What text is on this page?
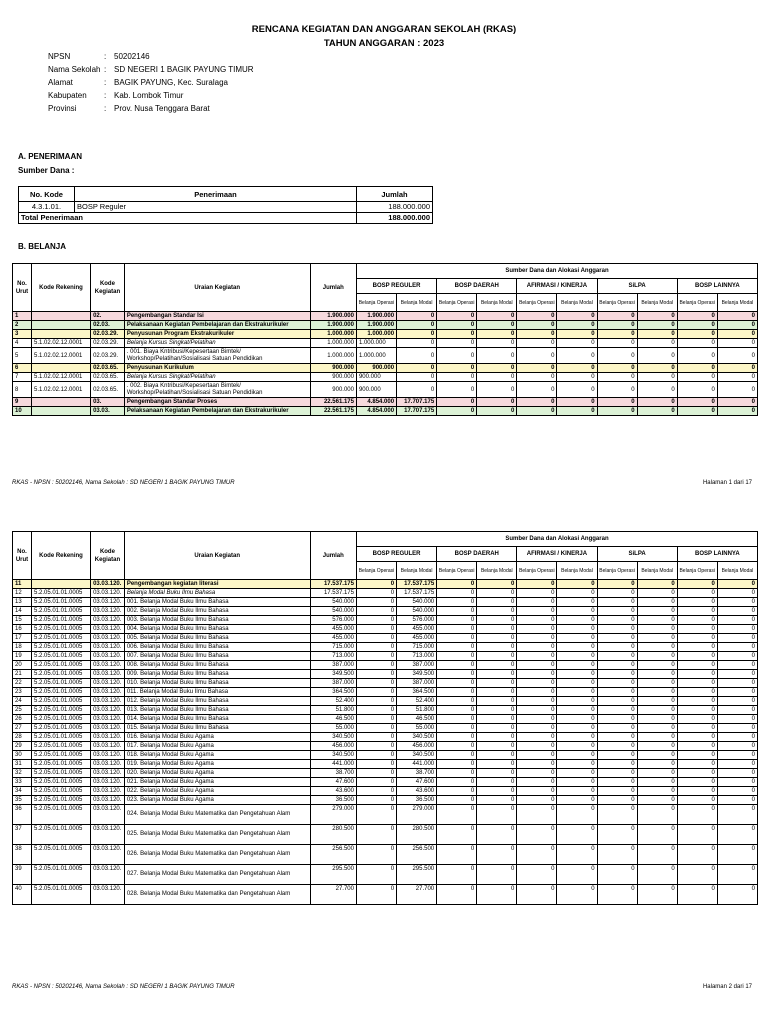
RENCANA KEGIATAN DAN ANGGARAN SEKOLAH (RKAS)
TAHUN ANGGARAN : 2023
NPSN	: 50202146
Nama Sekolah : SD NEGERI 1 BAGIK PAYUNG TIMUR
Alamat	: BAGIK PAYUNG, Kec. Suralaga
Kabupaten	: Kab. Lombok Timur
Provinsi	: Prov. Nusa Tenggara Barat
A. PENERIMAAN
Sumber Dana :
No. Kode	Penerimaan	Jumlah
4.3.1.01.	BOSP Reguler	188.000.000
Total Penerimaan		188.000.000
B. BELANJA
No. Urut	Kode Rekening	Kode Kegiatan	Uraian Kegiatan	Jumlah	Sumber Dana dan Alokasi Anggaran									
					BOSP REGULER		BOSP DAERAH		AFIRMASI / KINERJA		SiLPA		BOSP LAINNYA	
					Belanja Operasi	Belanja Modal	Belanja Operasi	Belanja Modal	Belanja Operasi	Belanja Modal	Belanja Operasi	Belanja Modal	Belanja Operasi	Belanja Modal
1		02.	Pengembangan Standar Isi	1.900.000	1.900.000	0	0	0	0	0	0	0	0	0
2		02.03.	Pelaksanaan Kegiatan Pembelajaran dan Ekstrakurikuler	1.900.000	1.900.000	0	0	0	0	0	0	0	0	0
3		02.03.29.	Penyusunan Program Ekstrakurikuler	1.000.000	1.000.000	0	0	0	0	0	0	0	0	0
4	5.1.02.02.12.0001	02.03.29.	Belanja Kursus Singkat/Pelatihan	1.000.000	1.000.000	0	0	0	0	0	0	0	0	0
5	5.1.02.02.12.0001	02.03.29.	. 001. Biaya Kntribusi/Kepesertaan Bimtek/ Workshop/Pelatihan/Sosialisasi Satuan Pendidikan	1.000.000	1.000.000	0	0	0	0	0	0	0	0	0
6		02.03.65.	Penyusunan Kurikulum	900.000	900.000	0	0	0	0	0	0	0	0	0
7	5.1.02.02.12.0001	02.03.65.	Belanja Kursus Singkat/Pelatihan	900.000	900.000	0	0	0	0	0	0	0	0	0
8	5.1.02.02.12.0001	02.03.65.	. 002. Biaya Kntribusi/Kepesertaan Bimtek/ Workshop/Pelatihan/Sosialisasi Satuan Pendidikan	900.000	900.000	0	0	0	0	0	0	0	0	0
9		03.	Pengembangan Standar Proses	22.561.175	4.854.000	17.707.175	0	0	0	0	0	0	0	0
10		03.03.	Pelaksanaan Kegiatan Pembelajaran dan Ekstrakurikuler	22.561.175	4.854.000	17.707.175	0	0	0	0	0	0	0	0
RKAS - NPSN : 50202146, Nama Sekolah : SD NEGERI 1 BAGIK PAYUNG TIMUR	Halaman 1 dari 17
No. Urut	Kode Rekening	Kode Kegiatan	Uraian Kegiatan	Jumlah	Sumber Dana dan Alokasi Anggaran									
					BOSP REGULER		BOSP DAERAH		AFIRMASI / KINERJA		SiLPA		BOSP LAINNYA	
					Belanja Operasi	Belanja Modal	Belanja Operasi	Belanja Modal	Belanja Operasi	Belanja Modal	Belanja Operasi	Belanja Modal	Belanja Operasi	Belanja Modal
11		03.03.120.	Pengembangan kegiatan literasi	17.537.175	0	17.537.175	0	0	0	0	0	0	0	0
12	5.2.05.01.01.0005	03.03.120.	Belanja Modal Buku Ilmu Bahasa	17.537.175	0	17.537.175	0	0	0	0	0	0	0	0
13	5.2.05.01.01.0005	03.03.120.	001. Belanja Modal Buku Ilmu Bahasa	540.000	0	540.000	0	0	0	0	0	0	0	0
14	5.2.05.01.01.0005	03.03.120.	002. Belanja Modal Buku Ilmu Bahasa	540.000	0	540.000	0	0	0	0	0	0	0	0
15	5.2.05.01.01.0005	03.03.120.	003. Belanja Modal Buku Ilmu Bahasa	576.000	0	576.000	0	0	0	0	0	0	0	0
16	5.2.05.01.01.0005	03.03.120.	004. Belanja Modal Buku Ilmu Bahasa	455.000	0	455.000	0	0	0	0	0	0	0	0
17	5.2.05.01.01.0005	03.03.120.	005. Belanja Modal Buku Ilmu Bahasa	455.000	0	455.000	0	0	0	0	0	0	0	0
18	5.2.05.01.01.0005	03.03.120.	006. Belanja Modal Buku Ilmu Bahasa	715.000	0	715.000	0	0	0	0	0	0	0	0
19	5.2.05.01.01.0005	03.03.120.	007. Belanja Modal Buku Ilmu Bahasa	713.000	0	713.000	0	0	0	0	0	0	0	0
20	5.2.05.01.01.0005	03.03.120.	008. Belanja Modal Buku Ilmu Bahasa	387.000	0	387.000	0	0	0	0	0	0	0	0
21	5.2.05.01.01.0005	03.03.120.	009. Belanja Modal Buku Ilmu Bahasa	349.500	0	349.500	0	0	0	0	0	0	0	0
22	5.2.05.01.01.0005	03.03.120.	010. Belanja Modal Buku Ilmu Bahasa	387.000	0	387.000	0	0	0	0	0	0	0	0
23	5.2.05.01.01.0005	03.03.120.	011. Belanja Modal Buku Ilmu Bahasa	364.500	0	364.500	0	0	0	0	0	0	0	0
24	5.2.05.01.01.0005	03.03.120.	012. Belanja Modal Buku Ilmu Bahasa	52.400	0	52.400	0	0	0	0	0	0	0	0
25	5.2.05.01.01.0005	03.03.120.	013. Belanja Modal Buku Ilmu Bahasa	51.800	0	51.800	0	0	0	0	0	0	0	0
26	5.2.05.01.01.0005	03.03.120.	014. Belanja Modal Buku Ilmu Bahasa	46.500	0	46.500	0	0	0	0	0	0	0	0
27	5.2.05.01.01.0005	03.03.120.	015. Belanja Modal Buku Ilmu Bahasa	55.000	0	55.000	0	0	0	0	0	0	0	0
28	5.2.05.01.01.0005	03.03.120.	016. Belanja Modal Buku Agama	340.500	0	340.500	0	0	0	0	0	0	0	0
29	5.2.05.01.01.0005	03.03.120.	017. Belanja Modal Buku Agama	456.000	0	456.000	0	0	0	0	0	0	0	0
30	5.2.05.01.01.0005	03.03.120.	018. Belanja Modal Buku Agama	340.500	0	340.500	0	0	0	0	0	0	0	0
31	5.2.05.01.01.0005	03.03.120.	019. Belanja Modal Buku Agama	441.000	0	441.000	0	0	0	0	0	0	0	0
32	5.2.05.01.01.0005	03.03.120.	020. Belanja Modal Buku Agama	38.700	0	38.700	0	0	0	0	0	0	0	0
33	5.2.05.01.01.0005	03.03.120.	021. Belanja Modal Buku Agama	47.600	0	47.600	0	0	0	0	0	0	0	0
34	5.2.05.01.01.0005	03.03.120.	022. Belanja Modal Buku Agama	43.600	0	43.600	0	0	0	0	0	0	0	0
35	5.2.05.01.01.0005	03.03.120.	023. Belanja Modal Buku Agama	36.500	0	36.500	0	0	0	0	0	0	0	0
36	5.2.05.01.01.0005	03.03.120.	024. Belanja Modal Buku Matematika dan Pengetahuan Alam	279.000	0	279.000	0	0	0	0	0	0	0	0
37	5.2.05.01.01.0005	03.03.120.	025. Belanja Modal Buku Matematika dan Pengetahuan Alam	280.500	0	280.500	0	0	0	0	0	0	0	0
38	5.2.05.01.01.0005	03.03.120.	026. Belanja Modal Buku Matematika dan Pengetahuan Alam	256.500	0	256.500	0	0	0	0	0	0	0	0
39	5.2.05.01.01.0005	03.03.120.	027. Belanja Modal Buku Matematika dan Pengetahuan Alam	295.500	0	295.500	0	0	0	0	0	0	0	0
40	5.2.05.01.01.0005	03.03.120.	028. Belanja Modal Buku Matematika dan Pengetahuan Alam	27.700	0	27.700	0	0	0	0	0	0	0	0
RKAS - NPSN : 50202146, Nama Sekolah : SD NEGERI 1 BAGIK PAYUNG TIMUR	Halaman 2 dari 17
